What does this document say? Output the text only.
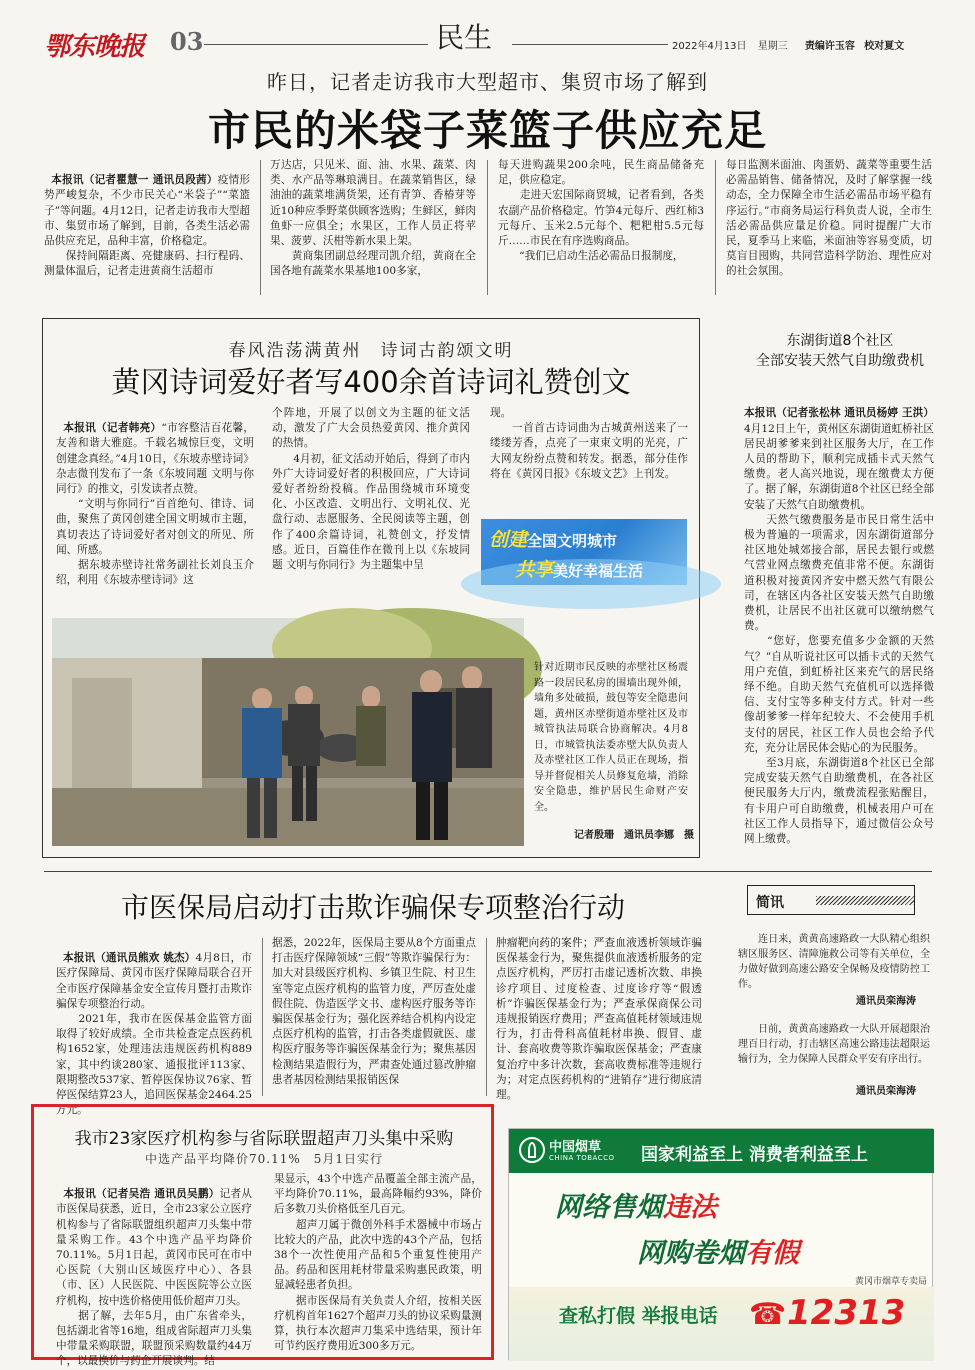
鄂东晚报 03	民生	2022年4月13日 星期三 责编许玉容 校对夏文
昨日，记者走访我市大型超市、集贸市场了解到
市民的米袋子菜篮子供应充足

本报讯（记者瞿慧一 通讯员段茜）疫情形势严峻复杂，不少市民关心“米袋子”“菜篮子”等问题。4月12日，记者走访我市大型超市、集贸市场了解到，目前，各类生活必需品供应充足，品种丰富，价格稳定。
　　保持间隔距离、亮健康码、扫行程码、测量体温后，记者走进黄商生活超市

万达店，只见米、面、油、水果、蔬菜、肉类、水产品等琳琅满目。在蔬菜销售区，绿油油的蔬菜堆满货架，还有青笋、香椿芽等近10种应季野菜供顾客选购；生鲜区，鲜肉鱼虾一应俱全；水果区，工作人员正将苹果、菠萝、沃柑等新水果上架。
　　黄商集团副总经理司凯介绍，黄商在全国各地有蔬菜水果基地100多家，
每天进购蔬果200余吨，民生商品储备充足，供应稳定。
　　走进天宏国际商贸城，记者看到，各类农副产品价格稳定。竹笋4元每斤、西红柿3元每斤、玉米2.5元每个、粑粑柑5.5元每斤……市民在有序选购商品。
　　“我们已启动生活必需品日报制度，
每日监测米面油、肉蛋奶、蔬菜等重要生活必需品销售、储备情况，及时了解掌握一线动态，全力保障全市生活必需品市场平稳有序运行。”市商务局运行科负责人说，全市生活必需品供应量足价稳。同时提醒广大市民，夏季马上来临，米面油等容易变质，切莫盲目囤购，共同营造科学防治、理性应对的社会氛围。
春风浩荡满黄州　诗词古韵颂文明
黄冈诗词爱好者写400余首诗词礼赞创文

本报讯（记者韩亮）“市容整洁百花馨，友善和谐大雅庭。千载名城惊巨变，文明创建念真经。”4月10日，《东坡赤壁诗词》杂志微刊发布了一条《东坡同题 文明与你同行》的推文，引发读者点赞。
　　“文明与你同行”百首绝句、律诗、词曲，聚焦了黄冈创建全国文明城市主题，真切表达了诗词爱好者对创文的所见、所闻、所感。
　　据东坡赤壁诗社常务副社长刘良玉介绍，利用《东坡赤壁诗词》这

个阵地，开展了以创文为主题的征文活动，激发了广大会员热爱黄冈、推介黄冈的热情。
　　4月初，征文活动开始后，得到了市内外广大诗词爱好者的积极回应，广大诗词爱好者纷纷投稿。作品围绕城市环境变化、小区改造、文明出行、文明礼仪、光盘行动、志愿服务、全民阅读等主题，创作了400余篇诗词，礼赞创文，抒发情感。近日，百篇佳作在微刊上以《东坡同题 文明与你同行》为主题集中呈
现。
　　一首首古诗词曲为古城黄州送来了一缕缕芳香，点亮了一束束文明的光亮，广大网友纷纷点赞和转发。据悉，部分佳作将在《黄冈日报》《东坡文艺》上刊发。
创建全国文明城市
共享美好幸福生活
针对近期市民反映的赤壁社区杨震路一段居民私房的围墙出现外倾，墙角多处破损，鼓包等安全隐患问题，黄州区赤壁街道赤壁社区及市城管执法局联合协商解决。4月8日，市城管执法委赤壁大队负责人及赤壁社区工作人员正在现场，指导并督促相关人员修复危墙，消除安全隐患，维护居民生命财产安全。
记者殷珊　通讯员李娜　摄
东湖街道8个社区
全部安装天然气自助缴费机

本报讯（记者张松林 通讯员杨婷 王洪）4月12日上午，黄州区东湖街道虹桥社区居民胡爹爹来到社区服务大厅，在工作人员的帮助下，顺利完成插卡式天然气缴费。老人高兴地说，现在缴费太方便了。据了解，东湖街道8个社区已经全部安装了天然气自助缴费机。
　　天然气缴费服务是市民日常生活中极为普遍的一项需求，因东湖街道部分社区地处城郊接合部，居民去银行或燃气营业网点缴费充值非常不便。东湖街道积极对接黄冈齐安中燃天然气有限公司，在辖区内各社区安装天然气自助缴费机，让居民不出社区就可以缴纳燃气费。
　　“您好，您要充值多少金额的天然气？”自从听说社区可以插卡式的天然气用户充值，到虹桥社区来充气的居民络绎不绝。自助天然气充值机可以选择微信、支付宝等多种支付方式。针对一些像胡爹爹一样年纪较大、不会使用手机支付的居民，社区工作人员也会给予代充，充分让居民体会贴心的为民服务。
　　至3月底，东湖街道8个社区已全部完成安装天然气自助缴费机，在各社区便民服务大厅内，缴费流程张贴醒目，有卡用户可自助缴费，机械表用户可在社区工作人员指导下，通过微信公众号网上缴费。

市医保局启动打击欺诈骗保专项整治行动

本报讯（通讯员熊欢 姚杰）4月8日，市医疗保障局、黄冈市医疗保障局联合召开全市医疗保障基金安全宣传月暨打击欺诈骗保专项整治行动。
　　2021年，我市在医保基金监管方面取得了较好成绩。全市共检查定点医药机构1652家，处理违法违规医药机构889家，其中约谈280家、通报批评113家、限期整改537家、暂停医保协议76家、暂停医保结算23人，追回医保基金2464.25万元。

据悉，2022年，医保局主要从8个方面重点打击医疗保障领域“三假”等欺诈骗保行为：加大对县级医疗机构、乡镇卫生院、村卫生室等定点医疗机构的监管力度，严厉查处虚假住院、伪造医学文书、虚构医疗服务等诈骗医保基金行为；强化医养结合机构内设定点医疗机构的监管，打击各类虚假就医、虚构医疗服务等诈骗医保基金行为；聚焦基因检测结果造假行为，严肃查处通过篡改肿瘤患者基因检测结果报销医保
肿瘤靶向药的案件；严查血液透析领域诈骗医保基金行为，聚焦提供血液透析服务的定点医疗机构，严厉打击虚记透析次数、串换诊疗项目、过度检查、过度诊疗等“假透析”诈骗医保基金行为；严查承保商保公司违规报销医疗费用；严查高值耗材领域违规行为，打击骨科高值耗材串换、假冒、虚计、套高收费等欺诈骗取医保基金；严查康复治疗中多计次数，套高收费标准等违规行为；对定点医药机构的“进销存”进行彻底清理。
简讯
连日来，黄黄高速路政一大队精心组织辖区服务区、清障施救公司等有关单位，全力做好做到高速公路安全保畅及疫情防控工作。
通讯员栾海涛
日前，黄黄高速路政一大队开展超限治理百日行动，打击辖区高速公路违法超限运输行为，全力保障人民群众平安有序出行。
通讯员栾海涛
我市23家医疗机构参与省际联盟超声刀头集中采购
中选产品平均降价70.11%　5月1日实行

本报讯（记者吴浩 通讯员吴鹏）记者从市医保局获悉，近日，全市23家公立医疗机构参与了省际联盟组织超声刀头集中带量采购工作。43个中选产品平均降价70.11%。5月1日起，黄冈市民可在市中心医院（大别山区域医疗中心）、各县（市、区）人民医院、中医医院等公立医疗机构，按中选价格使用低价超声刀头。
　　据了解，去年5月，由广东省牵头，包括湖北省等16地，组成省际超声刀头集中带量采购联盟，联盟预采购数量约44万个，以最换价与药企开展谈判。结

果显示，43个中选产品覆盖全部主流产品，平均降价70.11%，最高降幅约93%，降价后多数刀头价格低至几百元。
　　超声刀属于微创外科手术器械中市场占比较大的产品，此次中选的43个产品，包括38个一次性使用产品和5个重复性使用产品。药品和医用耗材带量采购惠民政策，明显减轻患者负担。
　　据市医保局有关负责人介绍，按相关医疗机构首年1627个超声刀头的协议采购量测算，执行本次超声刀集采中选结果，预计年可节约医疗费用近300多万元。
中国烟草
CHINA TOBACCO 国家利益至上 消费者利益至上
网络售烟违法
网购卷烟有假
黄冈市烟草专卖局
查私打假 举报电话 ☎ 12313
